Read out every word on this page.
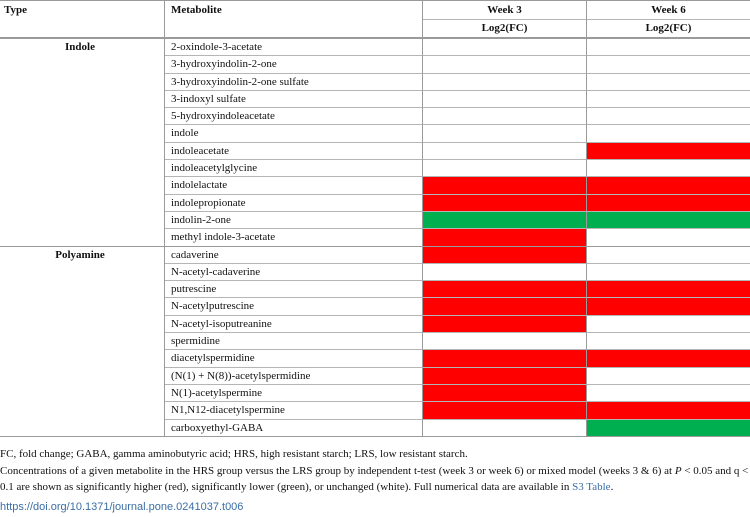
Type	Metabolite	Week 3	Week 6
Log2(FC)	Log2(FC)
Indole	2-oxindole-3-acetate
3-hydroxyindolin-2-one
3-hydroxyindolin-2-one sulfate
3-indoxyl sulfate
5-hydroxyindoleacetate
indole
indoleacetate
indoleacetylglycine
indolelactate
indolepropionate
indolin-2-one
methyl indole-3-acetate
Polyamine	cadaverine
N-acetyl-cadaverine
putrescine
N-acetylputrescine
N-acetyl-isoputreanine
spermidine
diacetylspermidine
(N(1) + N(8))-acetylspermidine
N(1)-acetylspermine
N1,N12-diacetylspermine
carboxyethyl-GABA
FC, fold change; GABA, gamma aminobutyric acid; HRS, high resistant starch; LRS, low resistant starch.
Concentrations of a given metabolite in the HRS group versus the LRS group by independent t-test (week 3 or week 6) or mixed model (weeks 3 & 6) at P < 0.05 and q < 0.1 are shown as significantly higher (red), significantly lower (green), or unchanged (white). Full numerical data are available in S3 Table.
https://doi.org/10.1371/journal.pone.0241037.t006
